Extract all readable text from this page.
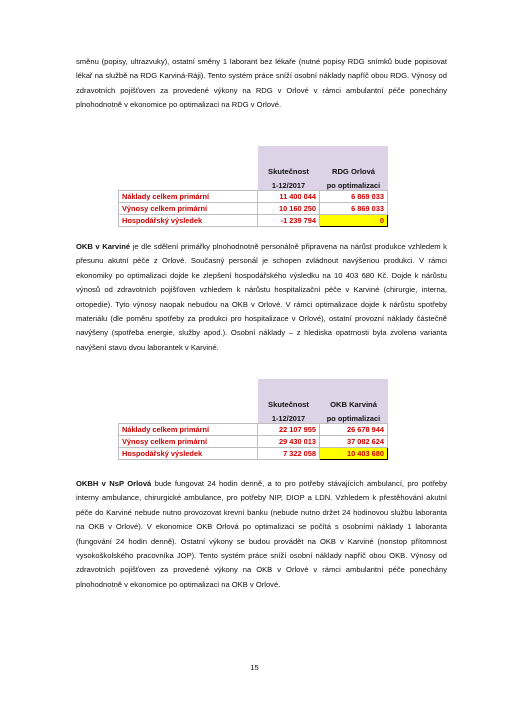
směnu (popisy, ultrazvuky), ostatní směny 1 laborant bez lékaře (nutné popisy RDG snímků bude popisovat lékař na službě na RDG Karviná-Ráji). Tento systém práce sníží osobní náklady napříč obou RDG. Výnosy od zdravotních pojišťoven za provedené výkony na RDG v Orlové v rámci ambulantní péče ponechány plnohodnotně v ekonomice po optimalizaci na RDG v Orlové.

	Skutečnost	RDG Orlová
	1-12/2017	po optimalizaci
Náklady celkem primární	11 400 044	6 869 033
Výnosy celkem primární	10 160 250	6 869 033
Hospodářský výsledek	-1 239 794	0

OKB v Karviné je dle sdělení primářky plnohodnotně personálně připravena na nárůst produkce vzhledem k přesunu akutní péče z Orlové. Současný personál je schopen zvládnout navýšenou produkci. V rámci ekonomiky po optimalizaci dojde ke zlepšení hospodářského výsledku na 10 403 680 Kč. Dojde k nárůstu výnosů od zdravotních pojišťoven vzhledem k nárůstu hospitalizační péče v Karviné (chirurgie, interna, ortopedie). Tyto výnosy naopak nebudou na OKB v Orlové. V rámci optimalizace dojde k nárůstu spotřeby materiálu (dle poměru spotřeby za produkci pro hospitalizace v Orlové), ostatní provozní náklady částečně navýšeny (spotřeba energie, služby apod.). Osobní náklady – z hlediska opatrnosti byla zvolena varianta navýšení stavu dvou laborantek v Karviné.

	Skutečnost	OKB Karviná
	1-12/2017	po optimalizaci
Náklady celkem primární	22 107 955	26 678 944
Výnosy celkem primární	29 430 013	37 082 624
Hospodářský výsledek	7 322 058	10 403 680

OKBH v NsP Orlová bude fungovat 24 hodin denně, a to pro potřeby stávajících ambulancí, pro potřeby interny ambulance, chirurgické ambulance, pro potřeby NIP, DIOP a LDN. Vzhledem k přestěhování akutní péče do Karviné nebude nutno provozovat krevní banku (nebude nutno držet 24 hodinovou službu laboranta na OKB v Orlové). V ekonomice OKB Orlová po optimalizaci se počítá s osobními náklady 1 laboranta (fungování 24 hodin denně). Ostatní výkony se budou provádět na OKB v Karviné (nonstop přítomnost vysokoškolského pracovníka JOP). Tento systém práce sníží osobní náklady napříč obou OKB. Výnosy od zdravotních pojišťoven za provedené výkony na OKB v Orlové v rámci ambulantní péče ponechány plnohodnotně v ekonomice po optimalizaci na OKB v Orlové.

15
